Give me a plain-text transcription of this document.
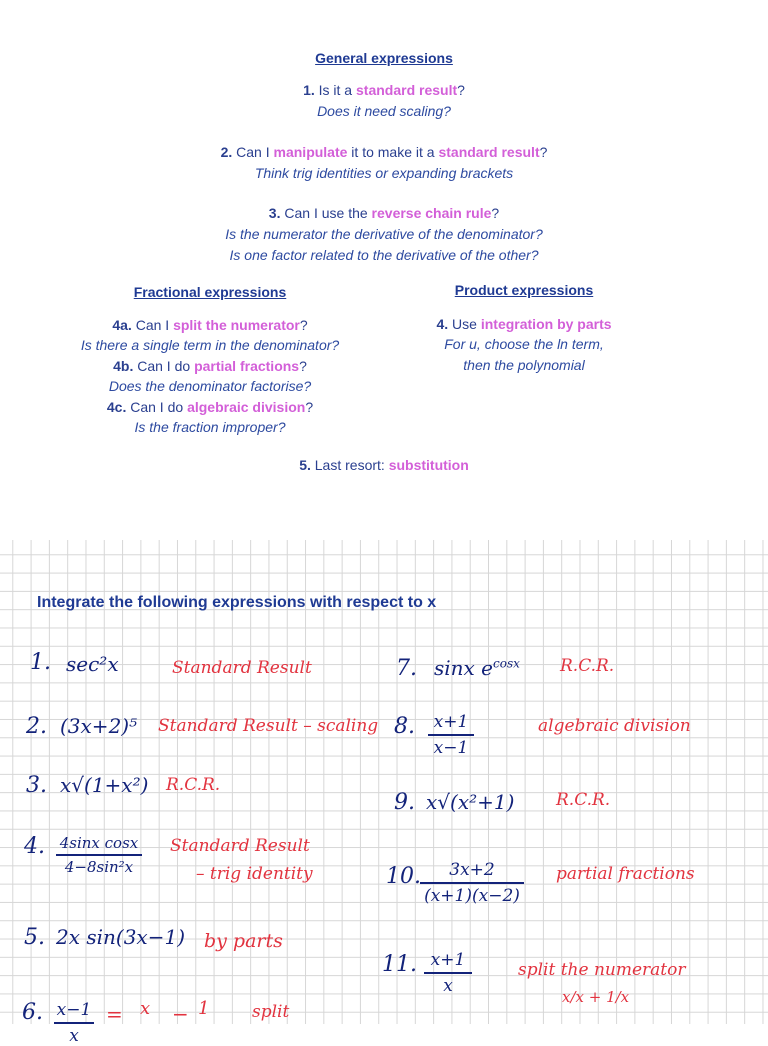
General expressions
1. Is it a standard result?
Does it need scaling?
2. Can I manipulate it to make it a standard result?
Think trig identities or expanding brackets
3. Can I use the reverse chain rule?
Is the numerator the derivative of the denominator?
Is one factor related to the derivative of the other?
Fractional expressions
4a. Can I split the numerator?
Is there a single term in the denominator?
4b. Can I do partial fractions?
Does the denominator factorise?
4c. Can I do algebraic division?
Is the fraction improper?
Product expressions
4. Use integration by parts
For u, choose the ln term,
then the polynomial
5. Last resort: substitution
Integrate the following expressions with respect to x
1. sec²x	Standard Result
2. (3x+2)⁵ Standard Result – scaling
3. x√(1+x²) R.C.R.
4. 4sinx cosx
4−8sin²x
Standard Result
– trig identity
5. 2x sin(3x−1) by parts
6. x−1
x
= x − 1	split
7. sinx $e^{cosx}$ R.C.R.
8.	x+1
x−1
algebraic division
9. x√(x²+1) R.C.R.
10.	3x+2
(x+1)(x−2)
partial fractions
11. x+1
x
split the numerator
x/x + 1/x
